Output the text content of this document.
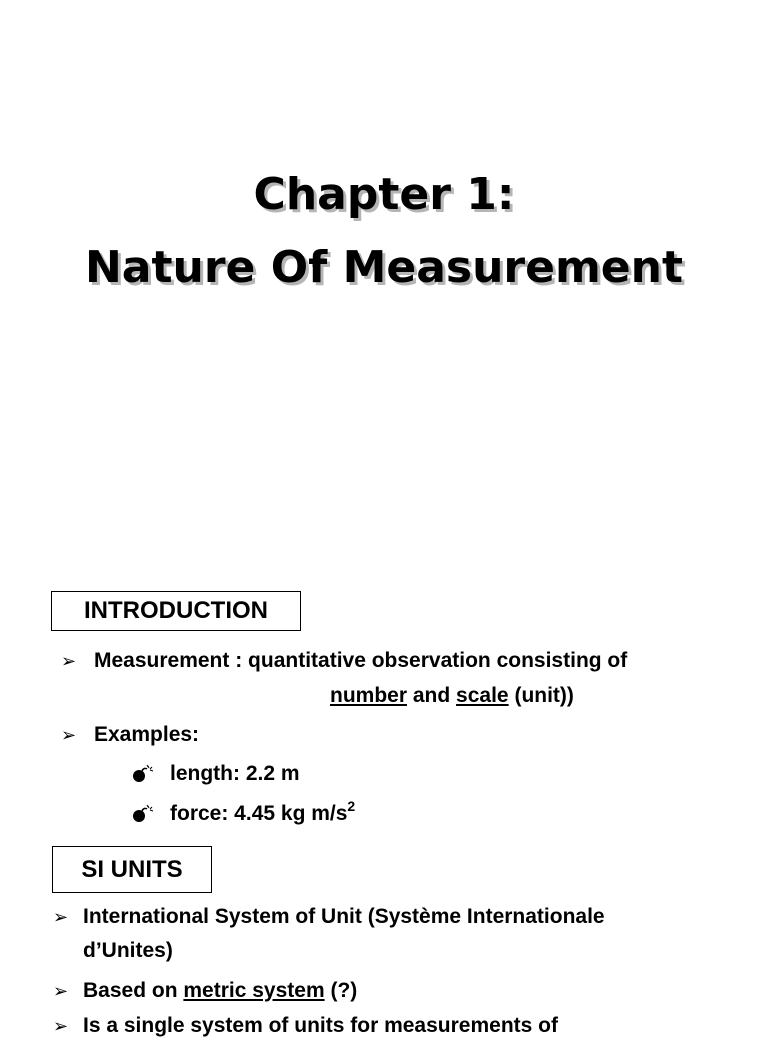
Chapter 1:
Nature Of Measurement
INTRODUCTION
➢ Measurement : quantitative observation consisting of
number and scale (unit))
➢ Examples:
length: 2.2 m
force: 4.45 kg $m/s^2$
SI UNITS
➢ International System of Unit (Système Internationale
d’Unites)
➢ Based on metric system (?)
➢ Is a single system of units for measurements of
